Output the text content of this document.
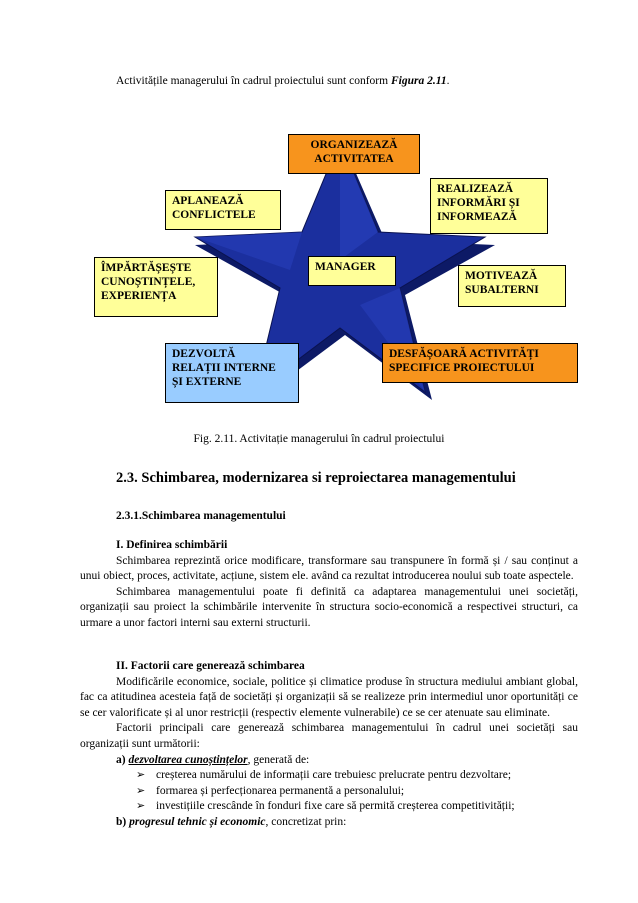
Activitățile managerului în cadrul proiectului sunt conform Figura 2.11.
ORGANIZEAZĂ
ACTIVITATEA
APLANEAZĂ
CONFLICTELE
REALIZEAZĂ
INFORMĂRI ȘI
INFORMEAZĂ
MANAGER
ÎMPĂRTĂȘEȘTE
CUNOȘTINȚELE,
EXPERIENȚA
MOTIVEAZĂ
SUBALTERNI
DEZVOLTĂ
RELAȚII INTERNE
ȘI EXTERNE
DESFĂȘOARĂ ACTIVITĂȚI
SPECIFICE PROIECTULUI
Fig. 2.11. Activitație managerului în cadrul proiectului
2.3. Schimbarea, modernizarea si reproiectarea managementului
2.3.1.Schimbarea managementului
I. Definirea schimbării
Schimbarea reprezintă orice modificare, transformare sau transpunere în formă și / sau conținut a unui obiect, proces, activitate, acțiune, sistem ele. având ca rezultat introducerea noului sub toate aspectele.
Schimbarea managementului poate fi definită ca adaptarea managementului unei societăți, organizații sau proiect la schimbările intervenite în structura socio-economică a respectivei structuri, ca urmare a unor factori interni sau externi structurii.
II. Factorii care generează schimbarea
Modificările economice, sociale, politice și climatice produse în structura mediului ambiant global, fac ca atitudinea acesteia față de societăți și organizații să se realizeze prin intermediul unor oportunități ce se cer valorificate și al unor restricții (respectiv elemente vulnerabile) ce se cer atenuate sau eliminate.
Factorii principali care generează schimbarea managementului în cadrul unei societăți sau organizații sunt următorii:
a) dezvoltarea cunoștințelor, generată de:
➢ creșterea numărului de informații care trebuiesc prelucrate pentru dezvoltare;
➢ formarea și perfecționarea permanentă a personalului;
➢ investițiile crescânde în fonduri fixe care să permită creșterea competitivității;
b) progresul tehnic și economic, concretizat prin:
